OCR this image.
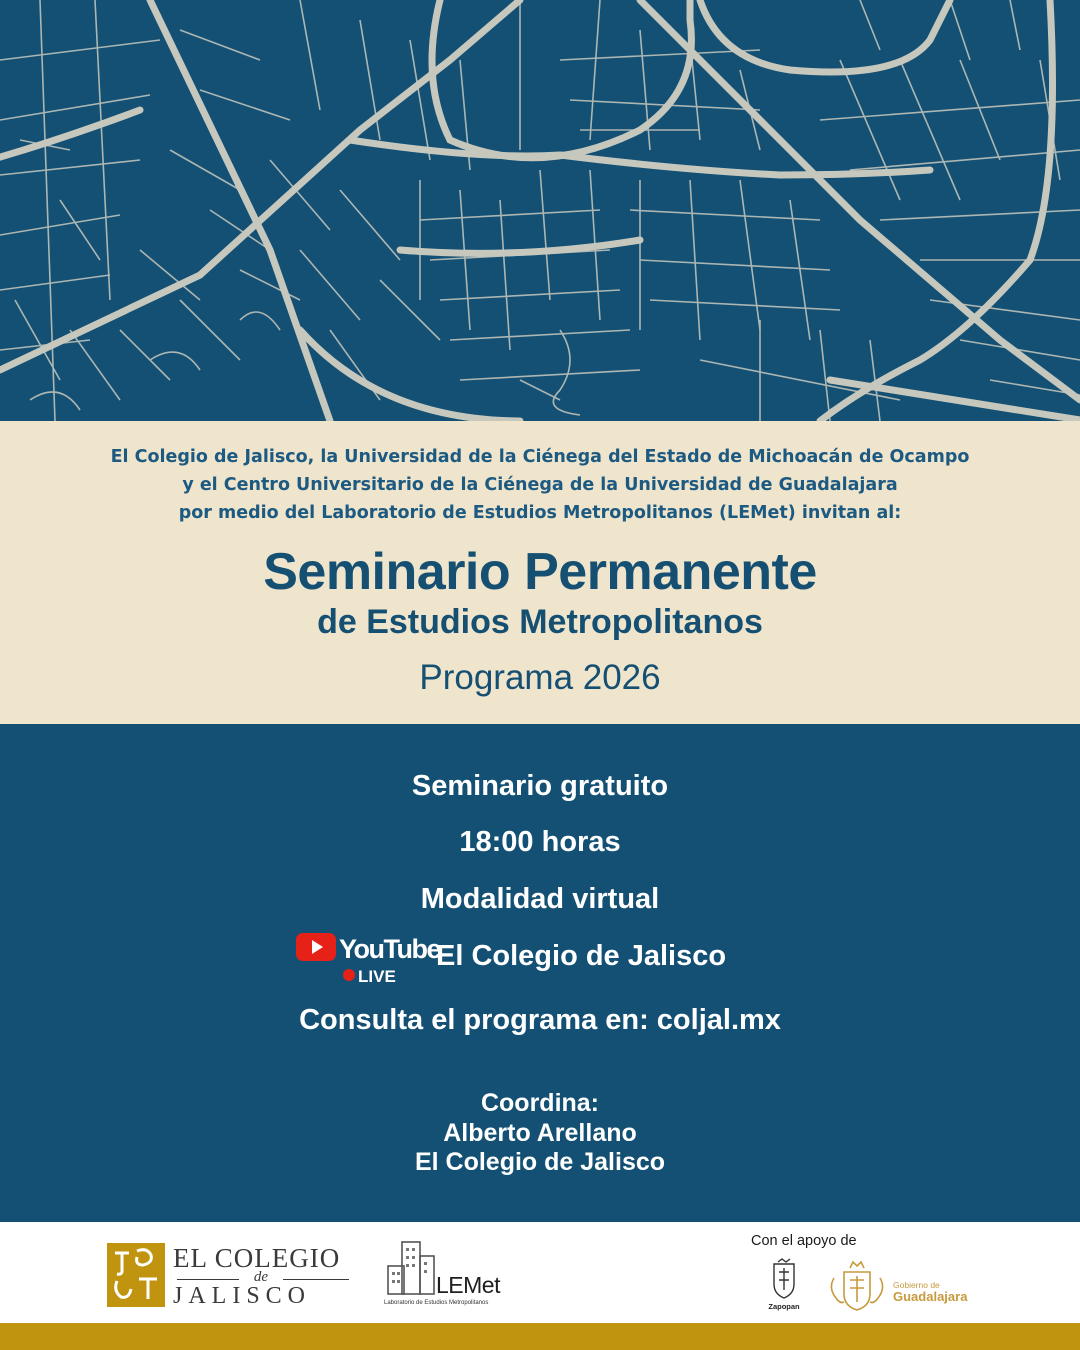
El Colegio de Jalisco, la Universidad de la Ciénega del Estado de Michoacán de Ocampo
y el Centro Universitario de la Ciénega de la Universidad de Guadalajara
por medio del Laboratorio de Estudios Metropolitanos (LEMet) invitan al:
Seminario Permanente
de Estudios Metropolitanos
Programa 2026
Seminario gratuito
18:00 horas
Modalidad virtual
YouTube
LIVE
El Colegio de Jalisco
Consulta el programa en: coljal.mx
Coordina:
Alberto Arellano
El Colegio de Jalisco
EL COLEGIO
de
JALISCO	LEMet
Laboratorio de Estudios Metropolitanos
Con el apoyo de
Zapopan
Gobierno de
Guadalajara
